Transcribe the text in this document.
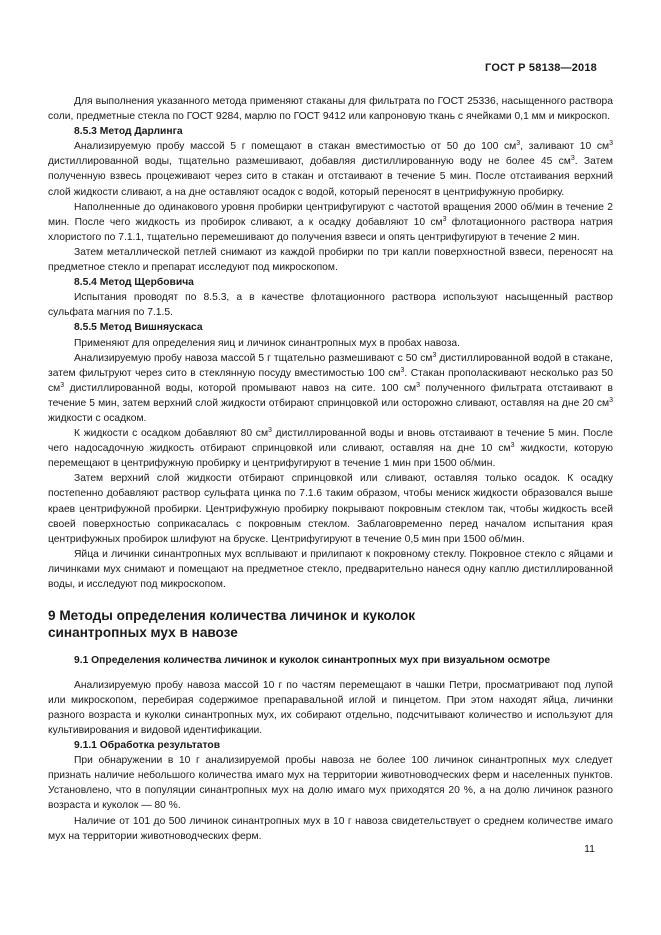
ГОСТ Р 58138—2018

Для выполнения указанного метода применяют стаканы для фильтрата по ГОСТ 25336, насыщенного раствора соли, предметные стекла по ГОСТ 9284, марлю по ГОСТ 9412 или капроновую ткань с ячейками 0,1 мм и микроскоп.

8.5.3 Метод Дарлинга

Анализируемую пробу массой 5 г помещают в стакан вместимостью от 50 до 100 $см^3$, заливают 10 $см^3$ дистиллированной воды, тщательно размешивают, добавляя дистиллированную воду не более 45 $см^3$. Затем полученную взвесь процеживают через сито в стакан и отстаивают в течение 5 мин. После отстаивания верхний слой жидкости сливают, а на дне оставляют осадок с водой, который переносят в центрифужную пробирку.

Наполненные до одинакового уровня пробирки центрифугируют с частотой вращения 2000 об/мин в течение 2 мин. После чего жидкость из пробирок сливают, а к осадку добавляют 10 $см^3$ флотационного раствора натрия хлористого по 7.1.1, тщательно перемешивают до получения взвеси и опять центрифугируют в течение 2 мин.

Затем металлической петлей снимают из каждой пробирки по три капли поверхностной взвеси, переносят на предметное стекло и препарат исследуют под микроскопом.

8.5.4 Метод Щербовича

Испытания проводят по 8.5.3, а в качестве флотационного раствора используют насыщенный раствор сульфата магния по 7.1.5.

8.5.5 Метод Вишняускаса

Применяют для определения яиц и личинок синантропных мух в пробах навоза.

Анализируемую пробу навоза массой 5 г тщательно размешивают с 50 $см^3$ дистиллированной водой в стакане, затем фильтруют через сито в стеклянную посуду вместимостью 100 $см^3$. Стакан прополаскивают несколько раз 50 $см^3$ дистиллированной воды, которой промывают навоз на сите. 100 $см^3$ полученного фильтрата отстаивают в течение 5 мин, затем верхний слой жидкости отбирают спринцовкой или осторожно сливают, оставляя на дне 20 $см^3$ жидкости с осадком.

К жидкости с осадком добавляют 80 $см^3$ дистиллированной воды и вновь отстаивают в течение 5 мин. После чего надосадочную жидкость отбирают спринцовкой или сливают, оставляя на дне 10 $см^3$ жидкости, которую перемещают в центрифужную пробирку и центрифугируют в течение 1 мин при 1500 об/мин.

Затем верхний слой жидкости отбирают спринцовкой или сливают, оставляя только осадок. К осадку постепенно добавляют раствор сульфата цинка по 7.1.6 таким образом, чтобы мениск жидкости образовался выше краев центрифужной пробирки. Центрифужную пробирку покрывают покровным стеклом так, чтобы жидкость всей своей поверхностью соприкасалась с покровным стеклом. Заблаговременно перед началом испытания края центрифужных пробирок шлифуют на бруске. Центрифугируют в течение 0,5 мин при 1500 об/мин.

Яйца и личинки синантропных мух всплывают и прилипают к покровному стеклу. Покровное стекло с яйцами и личинками мух снимают и помещают на предметное стекло, предварительно нанеся одну каплю дистиллированной воды, и исследуют под микроскопом.

9 Методы определения количества личинок и куколок
синантропных мух в навозе
9.1 Определения количества личинок и куколок синантропных мух при визуальном осмотре

Анализируемую пробу навоза массой 10 г по частям перемещают в чашки Петри, просматривают под лупой или микроскопом, перебирая содержимое препаравальной иглой и пинцетом. При этом находят яйца, личинки разного возраста и куколки синантропных мух, их собирают отдельно, подсчитывают количество и используют для культивирования и видовой идентификации.

9.1.1 Обработка результатов

При обнаружении в 10 г анализируемой пробы навоза не более 100 личинок синантропных мух следует признать наличие небольшого количества имаго мух на территории животноводческих ферм и населенных пунктов. Установлено, что в популяции синантропных мух на долю имаго мух приходятся 20 %, а на долю личинок разного возраста и куколок — 80 %.

Наличие от 101 до 500 личинок синантропных мух в 10 г навоза свидетельствует о среднем количестве имаго мух на территории животноводческих ферм.

11
